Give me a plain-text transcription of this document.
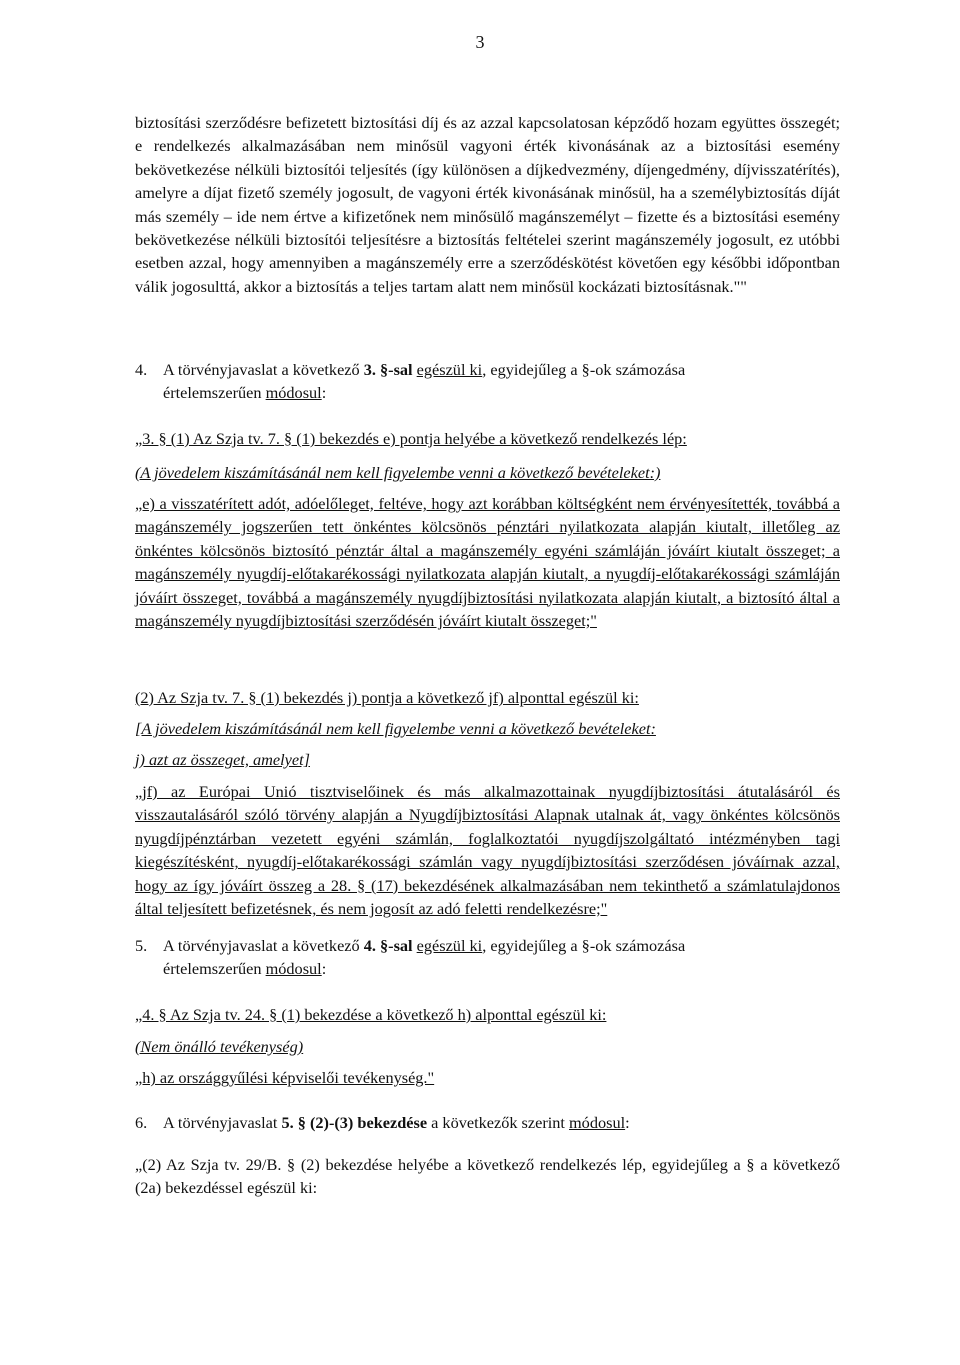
3
biztosítási szerződésre befizetett biztosítási díj és az azzal kapcsolatosan képződő hozam együttes összegét; e rendelkezés alkalmazásában nem minősül vagyoni érték kivonásának az a biztosítási esemény bekövetkezése nélküli biztosítói teljesítés (így különösen a díjkedvezmény, díjengedmény, díjvisszatérítés), amelyre a díjat fizető személy jogosult, de vagyoni érték kivonásának minősül, ha a személybiztosítás díját más személy – ide nem értve a kifizetőnek nem minősülő magánszemélyt – fizette és a biztosítási esemény bekövetkezése nélküli biztosítói teljesítésre a biztosítás feltételei szerint magánszemély jogosult, ez utóbbi esetben azzal, hogy amennyiben a magánszemély erre a szerződéskötést követően egy későbbi időpontban válik jogosulttá, akkor a biztosítás a teljes tartam alatt nem minősül kockázati biztosításnak.""
4. A törvényjavaslat a következő 3. §-sal egészül ki, egyidejűleg a §-ok számozása
értelemszerűen módosul:
„3. § (1) Az Szja tv. 7. § (1) bekezdés e) pontja helyébe a következő rendelkezés lép:
(A jövedelem kiszámításánál nem kell figyelembe venni a következő bevételeket:)
„e) a visszatérített adót, adóelőleget, feltéve, hogy azt korábban költségként nem érvényesítették, továbbá a magánszemély jogszerűen tett önkéntes kölcsönös pénztári nyilatkozata alapján kiutalt, illetőleg az önkéntes kölcsönös biztosító pénztár által a magánszemély egyéni számláján jóváírt kiutalt összeget; a magánszemély nyugdíj-előtakarékossági nyilatkozata alapján kiutalt, a nyugdíj-előtakarékossági számláján jóváírt összeget, továbbá a magánszemély nyugdíjbiztosítási nyilatkozata alapján kiutalt, a biztosító által a magánszemély nyugdíjbiztosítási szerződésén jóváírt kiutalt összeget;"
(2) Az Szja tv. 7. § (1) bekezdés j) pontja a következő jf) alponttal egészül ki:
[A jövedelem kiszámításánál nem kell figyelembe venni a következő bevételeket:
j) azt az összeget, amelyet]
„jf) az Európai Unió tisztviselőinek és más alkalmazottainak nyugdíjbiztosítási átutalásáról és visszautalásáról szóló törvény alapján a Nyugdíjbiztosítási Alapnak utalnak át, vagy önkéntes kölcsönös nyugdíjpénztárban vezetett egyéni számlán, foglalkoztatói nyugdíjszolgáltató intézményben tagi kiegészítésként, nyugdíj-előtakarékossági számlán vagy nyugdíjbiztosítási szerződésen jóváírnak azzal, hogy az így jóváírt összeg a 28. § (17) bekezdésének alkalmazásában nem tekinthető a számlatulajdonos által teljesített befizetésnek, és nem jogosít az adó feletti rendelkezésre;"
5. A törvényjavaslat a következő 4. §-sal egészül ki, egyidejűleg a §-ok számozása
értelemszerűen módosul:
„4. § Az Szja tv. 24. § (1) bekezdése a következő h) alponttal egészül ki:
(Nem önálló tevékenység)
„h) az országgyűlési képviselői tevékenység."
6. A törvényjavaslat 5. § (2)-(3) bekezdése a következők szerint módosul:
„(2) Az Szja tv. 29/B. § (2) bekezdése helyébe a következő rendelkezés lép, egyidejűleg a § a következő (2a) bekezdéssel egészül ki:
